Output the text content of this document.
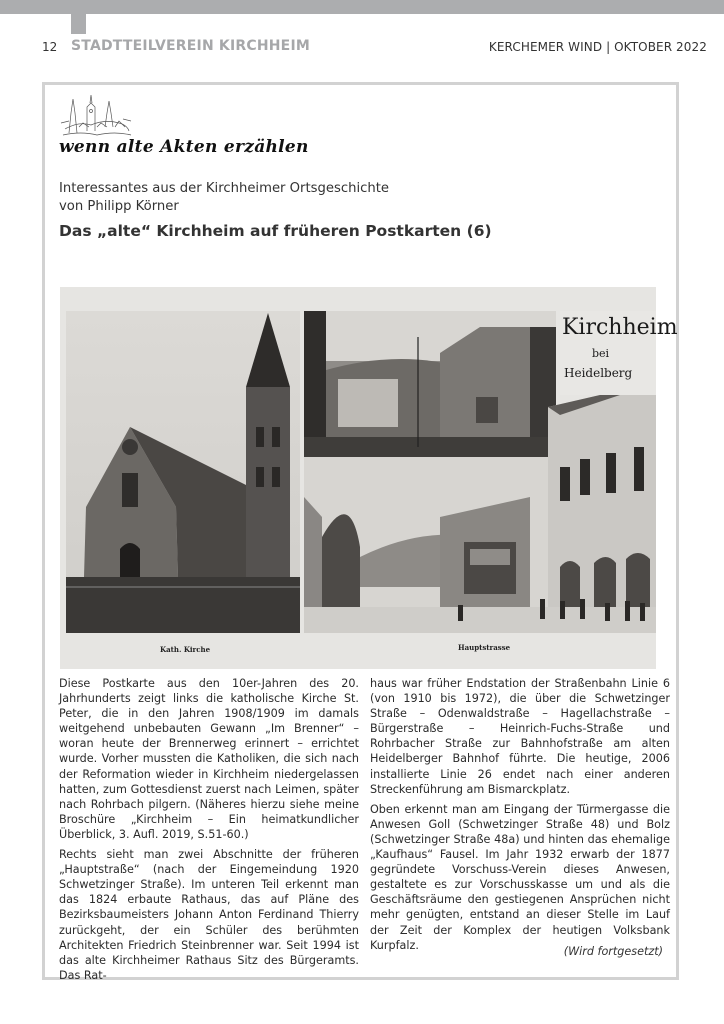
12 STADTTEILVEREIN KIRCHHEIM	KERCHEMER WIND | OKTOBER 2022
wenn alte Akten erzählen
Interessantes aus der Kirchheimer Ortsgeschichte
von Philipp Körner
Das „alte“ Kirchheim auf früheren Postkarten (6)
Kirchheim
bei
Heidelberg
Kath. Kirche	Hauptstrasse

Diese Postkarte aus den 10er-Jahren des 20. Jahrhunderts zeigt links die katholische Kirche St. Peter, die in den Jahren 1908/1909 im damals weitgehend unbebauten Gewann „Im Brenner“ – woran heute der Brennerweg erinnert – errichtet wurde. Vorher mussten die Katholiken, die sich nach der Reformation wieder in Kirchheim niedergelassen hatten, zum Gottesdienst zuerst nach Leimen, später nach Rohrbach pilgern. (Näheres hierzu siehe meine Broschüre „Kirchheim – Ein heimatkundlicher Überblick, 3. Aufl. 2019, S.51-60.)

Rechts sieht man zwei Abschnitte der früheren „Hauptstraße“ (nach der Eingemeindung 1920 Schwetzinger Straße). Im unteren Teil erkennt man das 1824 erbaute Rathaus, das auf Pläne des Bezirksbaumeisters Johann Anton Ferdinand Thierry zurückgeht, der ein Schüler des berühmten Architekten Friedrich Steinbrenner war. Seit 1994 ist das alte Kirchheimer Rathaus Sitz des Bürgeramts. Das Rat-

haus war früher Endstation der Straßenbahn Linie 6 (von 1910 bis 1972), die über die Schwetzinger Straße – Odenwaldstraße – Hagellachstraße – Bürgerstraße – Heinrich-Fuchs-Straße und Rohrbacher Straße zur Bahnhofstraße am alten Heidelberger Bahnhof führte. Die heutige, 2006 installierte Linie 26 endet nach einer anderen Streckenführung am Bismarckplatz.

Oben erkennt man am Eingang der Türmergasse die Anwesen Goll (Schwetzinger Straße 48) und Bolz (Schwetzinger Straße 48a) und hinten das ehemalige „Kaufhaus“ Fausel. Im Jahr 1932 erwarb der 1877 gegründete Vorschuss-Verein dieses Anwesen, gestaltete es zur Vorschusskasse um und als die Geschäftsräume den gestiegenen Ansprüchen nicht mehr genügten, entstand an dieser Stelle im Lauf der Zeit der Komplex der heutigen Volksbank Kurpfalz.	(Wird fortgesetzt)
